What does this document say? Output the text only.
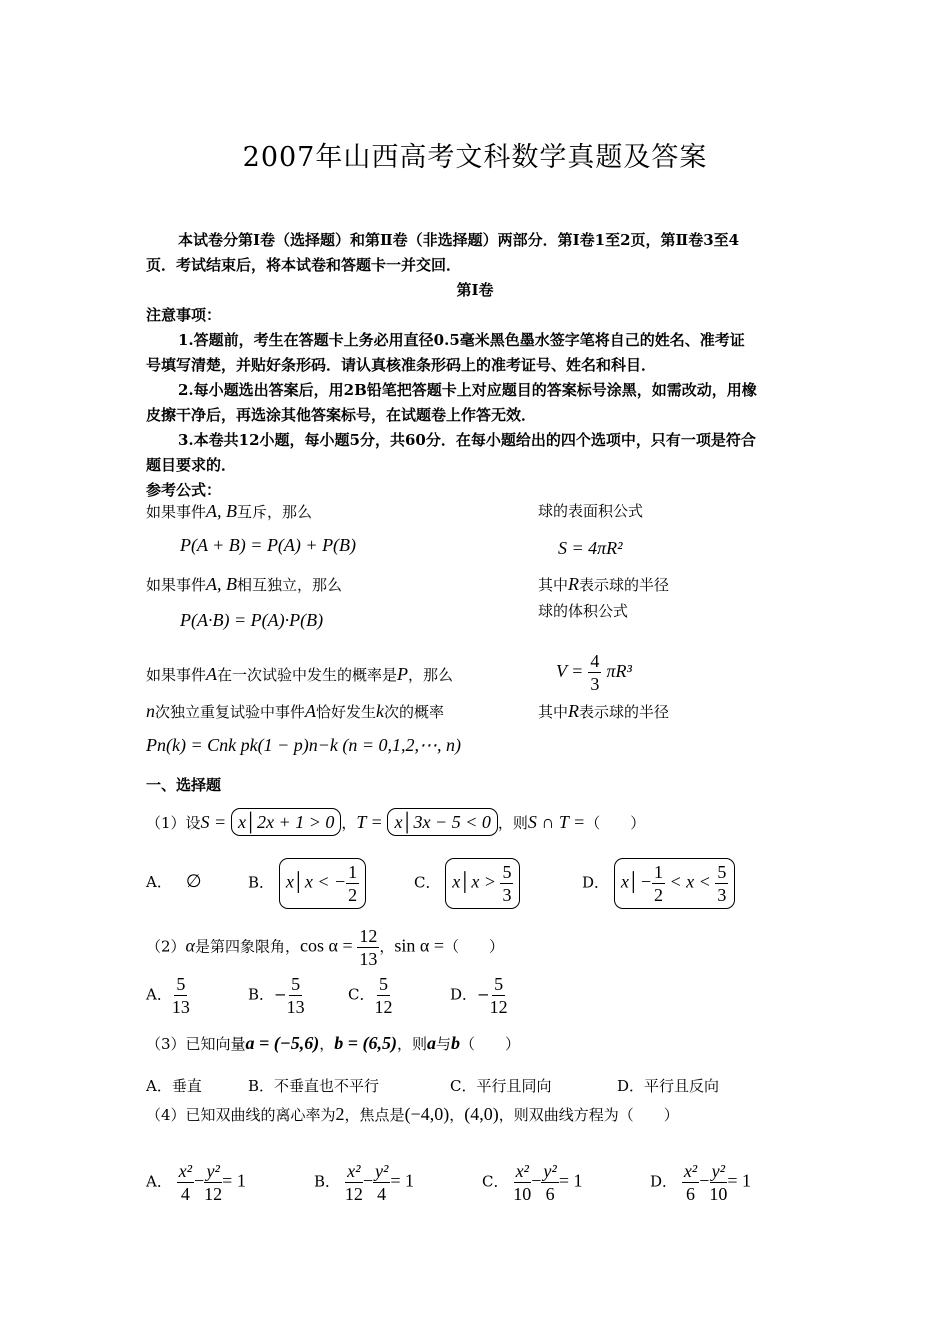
2007年山西高考文科数学真题及答案
本试卷分第Ⅰ卷（选择题）和第Ⅱ卷（非选择题）两部分．第Ⅰ卷1至2页，第Ⅱ卷3至4
页．考试结束后，将本试卷和答题卡一并交回．
第Ⅰ卷
注意事项：
1.答题前，考生在答题卡上务必用直径0.5毫米黑色墨水签字笔将自己的姓名、准考证
号填写清楚，并贴好条形码．请认真核准条形码上的准考证号、姓名和科目．
2.每小题选出答案后，用2B铅笔把答题卡上对应题目的答案标号涂黑，如需改动，用橡
皮擦干净后，再选涂其他答案标号，在试题卷上作答无效．
3.本卷共12小题，每小题5分，共60分．在每小题给出的四个选项中，只有一项是符合
题目要求的．
参考公式：
如果事件A, B互斥，那么
P(A + B) = P(A) + P(B)
如果事件A, B相互独立，那么
P(A·B) = P(A)·P(B)
如果事件A在一次试验中发生的概率是P，那么
n次独立重复试验中事件A恰好发生k次的概率
Pn(k) = Cnk pk(1 − p)n−k (n = 0,1,2,⋯, n)
球的表面积公式
S = 4πR²
其中R表示球的半径
球的体积公式
$V = \frac{4}{3} \pi R^3$
其中R表示球的半径
一、选择题
（1）设S = x│2x + 1 > 0 ，T = x│3x − 5 < 0 ，则S ∩ T =（　　）
A． ∅	B． x│x < − $\frac{1}{2}$	C． x│x > $\frac{5}{3}$	D． x│− $\frac{1}{2} < x < \frac{5}{3}$
（2）α是第四象限角，$\cos \alpha = \frac{12}{13}$ ，sin α =（　　）
A． $\frac{5}{13}$	B．− $\frac{5}{13}$	C． $\frac{5}{12}$	D．− $\frac{5}{12}$
（3）已知向量a = (−5,6)，b = (6,5)，则a与b（　　）
A．垂直	B．不垂直也不平行	C．平行且同向	D．平行且反向
（4）已知双曲线的离心率为2，焦点是(−4,0)，(4,0)，则双曲线方程为（　　）
A． $\frac{\text{x²}}{4} - \frac{\text{y²}}{12} = 1$	B． $\frac{\text{x²}}{12} - \frac{\text{y²}}{4} = 1$	C． $\frac{\text{x²}}{10} - \frac{\text{y²}}{6} = 1$	D． $\frac{\text{x²}}{6} - \frac{\text{y²}}{10} = 1$
